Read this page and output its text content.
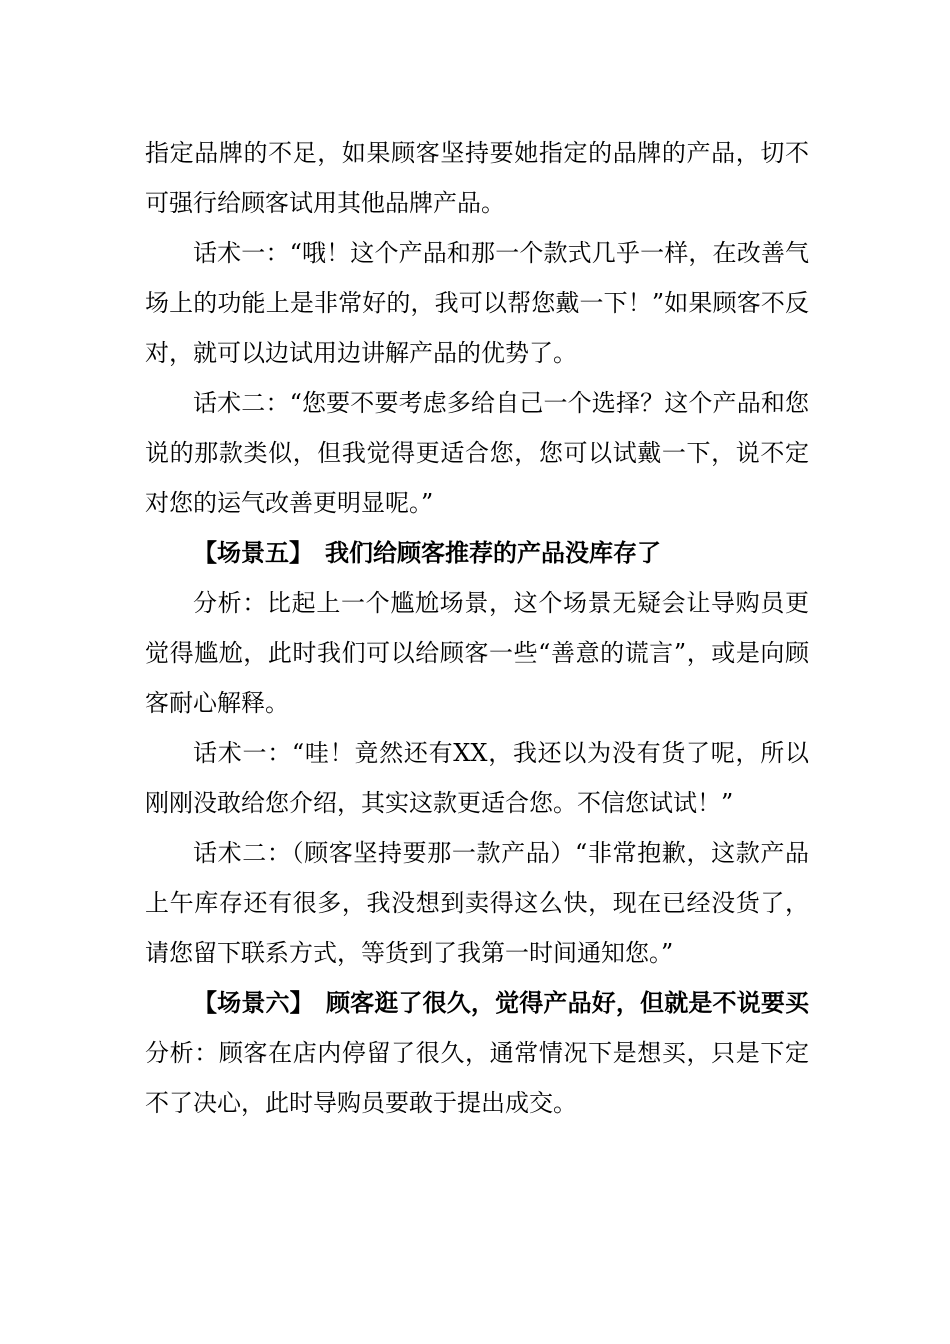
指定品牌的不足，如果顾客坚持要她指定的品牌的产品，切不可强行给顾客试用其他品牌产品。

话术一：“哦！这个产品和那一个款式几乎一样，在改善气场上的功能上是非常好的，我可以帮您戴一下！”如果顾客不反对，就可以边试用边讲解产品的优势了。

话术二：“您要不要考虑多给自己一个选择？这个产品和您说的那款类似，但我觉得更适合您，您可以试戴一下，说不定对您的运气改善更明显呢。”

【场景五】 我们给顾客推荐的产品没库存了

分析：比起上一个尴尬场景，这个场景无疑会让导购员更觉得尴尬，此时我们可以给顾客一些“善意的谎言”，或是向顾客耐心解释。

话术一：“哇！竟然还有XX，我还以为没有货了呢，所以刚刚没敢给您介绍，其实这款更适合您。不信您试试！”

话术二：（顾客坚持要那一款产品）“非常抱歉，这款产品上午库存还有很多，我没想到卖得这么快，现在已经没货了，请您留下联系方式，等货到了我第一时间通知您。”

【场景六】 顾客逛了很久，觉得产品好，但就是不说要买分析：顾客在店内停留了很久，通常情况下是想买，只是下定不了决心，此时导购员要敢于提出成交。
